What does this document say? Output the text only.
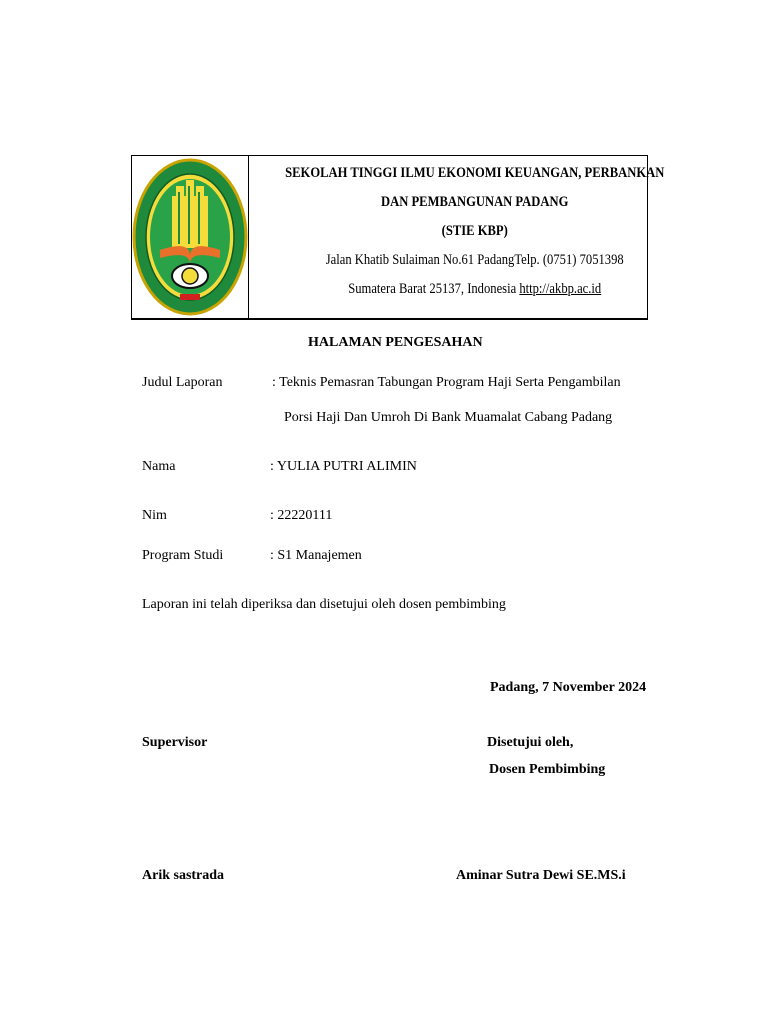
SEKOLAH TINGGI ILMU EKONOMI KEUANGAN, PERBANKAN
DAN PEMBANGUNAN PADANG
(STIE KBP)
Jalan Khatib Sulaiman No.61 PadangTelp. (0751) 7051398
Sumatera Barat 25137, Indonesia http://akbp.ac.id
HALAMAN PENGESAHAN
Judul Laporan	: Teknis Pemasran Tabungan Program Haji Serta Pengambilan
Porsi Haji Dan Umroh Di Bank Muamalat Cabang Padang
Nama	: YULIA PUTRI ALIMIN
Nim	: 22220111
Program Studi	: S1 Manajemen
Laporan ini telah diperiksa dan disetujui oleh dosen pembimbing
Padang, 7 November 2024
Supervisor	Disetujui oleh,
Dosen Pembimbing
Arik sastrada	Aminar Sutra Dewi SE.MS.i
